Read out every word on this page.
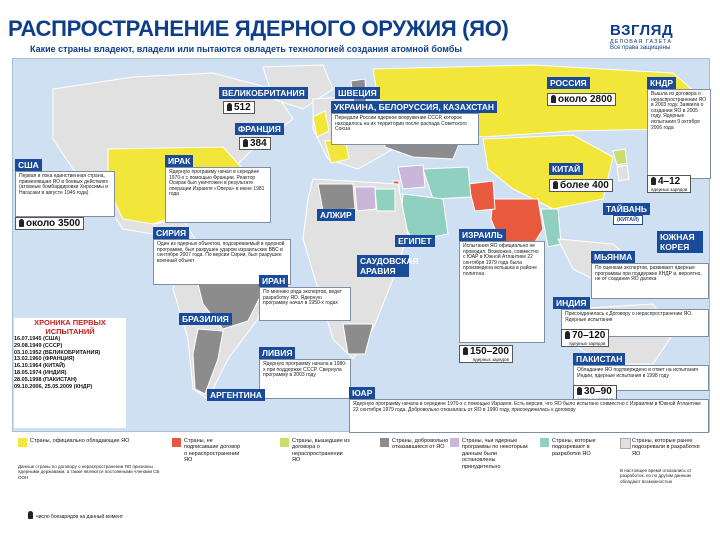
РАСПРОСТРАНЕНИЕ ЯДЕРНОГО ОРУЖИЯ (ЯО)
Какие страны владеют, владели или пытаются овладеть технологией создания атомной бомбы
ВЗГЛЯД
ДЕЛОВАЯ ГАЗЕТА
Все права защищены
ВЕЛИКОБРИТАНИЯ
512
ФРАНЦИЯ
384
ШВЕЦИЯ
США
Первая и пока единственная страна, применявшая ЯО в боевых действиях (атомные бомбардировки Хиросимы и Нагасаки в августе 1945 года)
около 3500
ИРАК
Ядерную программу начал в середине 1970-х с помощью Франции. Реактор Осирак был уничтожен в результате операции Израиля «Опера» в июне 1981 года
СИРИЯ
Один из ядерных объектов, подозреваемый в ядерной программе, был разрушен ударом израильских ВВС в сентябре 2007 года. По версии Сирии, был разрушен военный объект
УКРАИНА, БЕЛОРУССИЯ, КАЗАХСТАН
Передали России ядерное вооружение СССР, которое находилось на их территории после распада Советского Союза
РОССИЯ
около 2800
КНДР
Вышла из договора о нераспространении ЯО в 2003 году. Заявила о создании ЯО в 2005 году. Ядерные испытания 9 октября 2006 года
4–12
ядерных зарядов
КИТАЙ
более 400
ТАЙВАНЬ
(КИТАЙ)
ЮЖНАЯ КОРЕЯ
АЛЖИР
ЕГИПЕТ
САУДОВСКАЯ АРАВИЯ
ИЗРАИЛЬ
Испытания ЯО официально не проводил. Возможно, совместно с ЮАР в Южной Атлантике 22 сентября 1979 года была произведена вспышка в районе полигона
150–200
ядерных зарядов
ИРАН
По мнению ряда экспертов, ведет разработку ЯО. Ядерную программу начал в 1950-х годах
БРАЗИЛИЯ
ЛИВИЯ
Ядерную программу начала в 1980-х при поддержке СССР. Свернула программу в 2003 году
АРГЕНТИНА
МЬЯНМА
По оценкам экспертов, развивает ядерные программы при поддержке КНДР и, вероятно, не от создания ЯО далека
ИНДИЯ
Присоединилась к Договору о нераспространении ЯО. Ядерные испытания
70–120
ядерных зарядов
ПАКИСТАН
Обладание ЯО подтверждено в ответ на испытания Индии, ядерные испытания в 1998 году
30–90
ЮАР
Ядерную программу начала в середине 1970-х с помощью Израиля. Есть версия, что ЯО было испытано совместно с Израилем в Южной Атлантике 22 сентября 1979 года. Добровольно отказалась от ЯО в 1990 году, присоединилась к договору
ХРОНИКА ПЕРВЫХ ИСПЫТАНИЙ
16.07.1945 (США)
29.08.1949 (СССР)
03.10.1952 (ВЕЛИКОБРИТАНИЯ)
13.02.1960 (ФРАНЦИЯ)
16.10.1964 (КИТАЙ)
18.05.1974 (ИНДИЯ)
28.05.1998 (ПАКИСТАН)
09.10.2006, 25.05.2009 (КНДР)
Страны, официально обладающие ЯО
Данные страны по договору о нераспространении ЯО признаны ядерными державами, а также являются постоянными членами СБ ООН
Страны, не подписавшие договор о нераспространении ЯО
Страны, вышедшие из договора о нераспространении ЯО
Страны, добровольно отказавшиеся от ЯО
Страны, чьи ядерные программы по некоторым данным были остановлены принудительно
Страны, которые подозревают в разработке ЯО
Страны, которые ранее подозревали в разработке ЯО
В настоящее время отказались от разработок, но по другим данным обладают возможностью
число боезарядов на данный момент
